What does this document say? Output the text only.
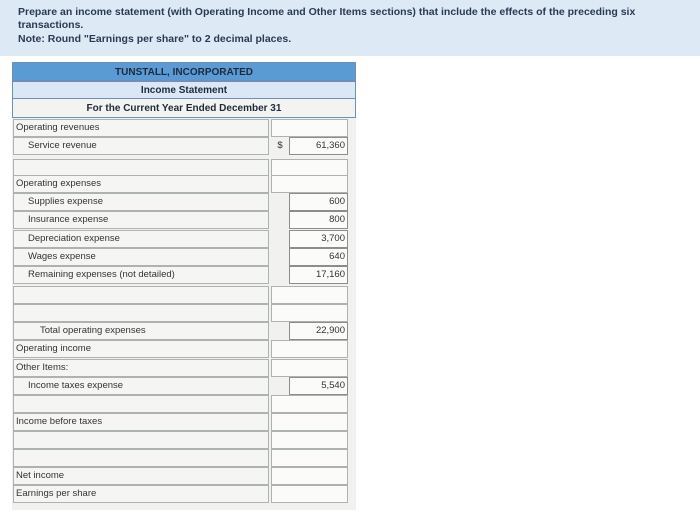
Prepare an income statement (with Operating Income and Other Items sections) that include the effects of the preceding six
transactions.
Note: Round "Earnings per share" to 2 decimal places.
TUNSTALL, INCORPORATED
Income Statement
For the Current Year Ended December 31
Operating revenues
Service revenue	$	61,360
Operating expenses
Supplies expense	600
Insurance expense	800
Depreciation expense	3,700
Wages expense	640
Remaining expenses (not detailed)	17,160
Total operating expenses	22,900
Operating income
Other Items:
Income taxes expense	5,540
Income before taxes
Net income
Earnings per share
